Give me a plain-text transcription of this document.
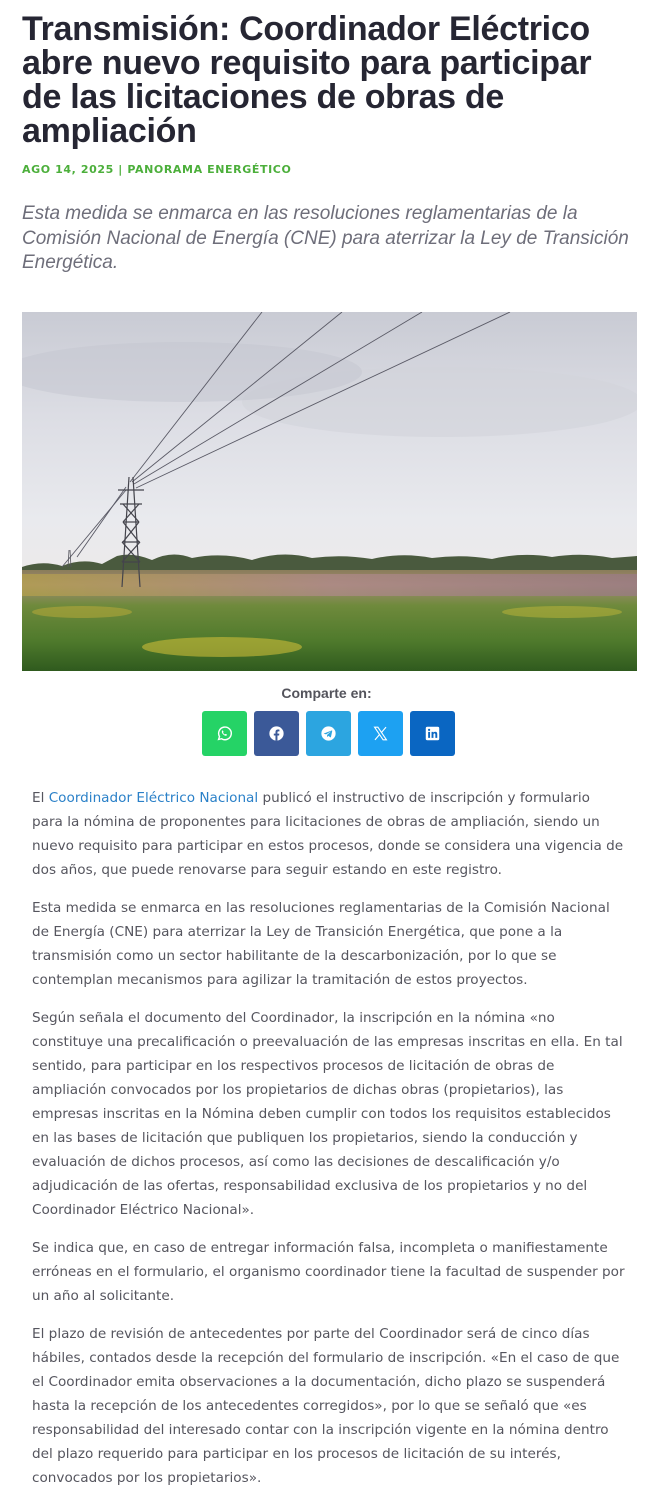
Transmisión: Coordinador Eléctrico abre nuevo requisito para participar de las licitaciones de obras de ampliación
AGO 14, 2025 | PANORAMA ENERGÉTICO

Esta medida se enmarca en las resoluciones reglamentarias de la Comisión Nacional de Energía (CNE) para aterrizar la Ley de Transición Energética.

Comparte en:

El Coordinador Eléctrico Nacional publicó el instructivo de inscripción y formulario para la nómina de proponentes para licitaciones de obras de ampliación, siendo un nuevo requisito para participar en estos procesos, donde se considera una vigencia de dos años, que puede renovarse para seguir estando en este registro.

Esta medida se enmarca en las resoluciones reglamentarias de la Comisión Nacional de Energía (CNE) para aterrizar la Ley de Transición Energética, que pone a la transmisión como un sector habilitante de la descarbonización, por lo que se contemplan mecanismos para agilizar la tramitación de estos proyectos.

Según señala el documento del Coordinador, la inscripción en la nómina «no constituye una precalificación o preevaluación de las empresas inscritas en ella. En tal sentido, para participar en los respectivos procesos de licitación de obras de ampliación convocados por los propietarios de dichas obras (propietarios), las empresas inscritas en la Nómina deben cumplir con todos los requisitos establecidos en las bases de licitación que publiquen los propietarios, siendo la conducción y evaluación de dichos procesos, así como las decisiones de descalificación y/o adjudicación de las ofertas, responsabilidad exclusiva de los propietarios y no del Coordinador Eléctrico Nacional».

Se indica que, en caso de entregar información falsa, incompleta o manifiestamente erróneas en el formulario, el organismo coordinador tiene la facultad de suspender por un año al solicitante.

El plazo de revisión de antecedentes por parte del Coordinador será de cinco días hábiles, contados desde la recepción del formulario de inscripción. «En el caso de que el Coordinador emita observaciones a la documentación, dicho plazo se suspenderá hasta la recepción de los antecedentes corregidos», por lo que se señaló que «es responsabilidad del interesado contar con la inscripción vigente en la nómina dentro del plazo requerido para participar en los procesos de licitación de su interés, convocados por los propietarios».
